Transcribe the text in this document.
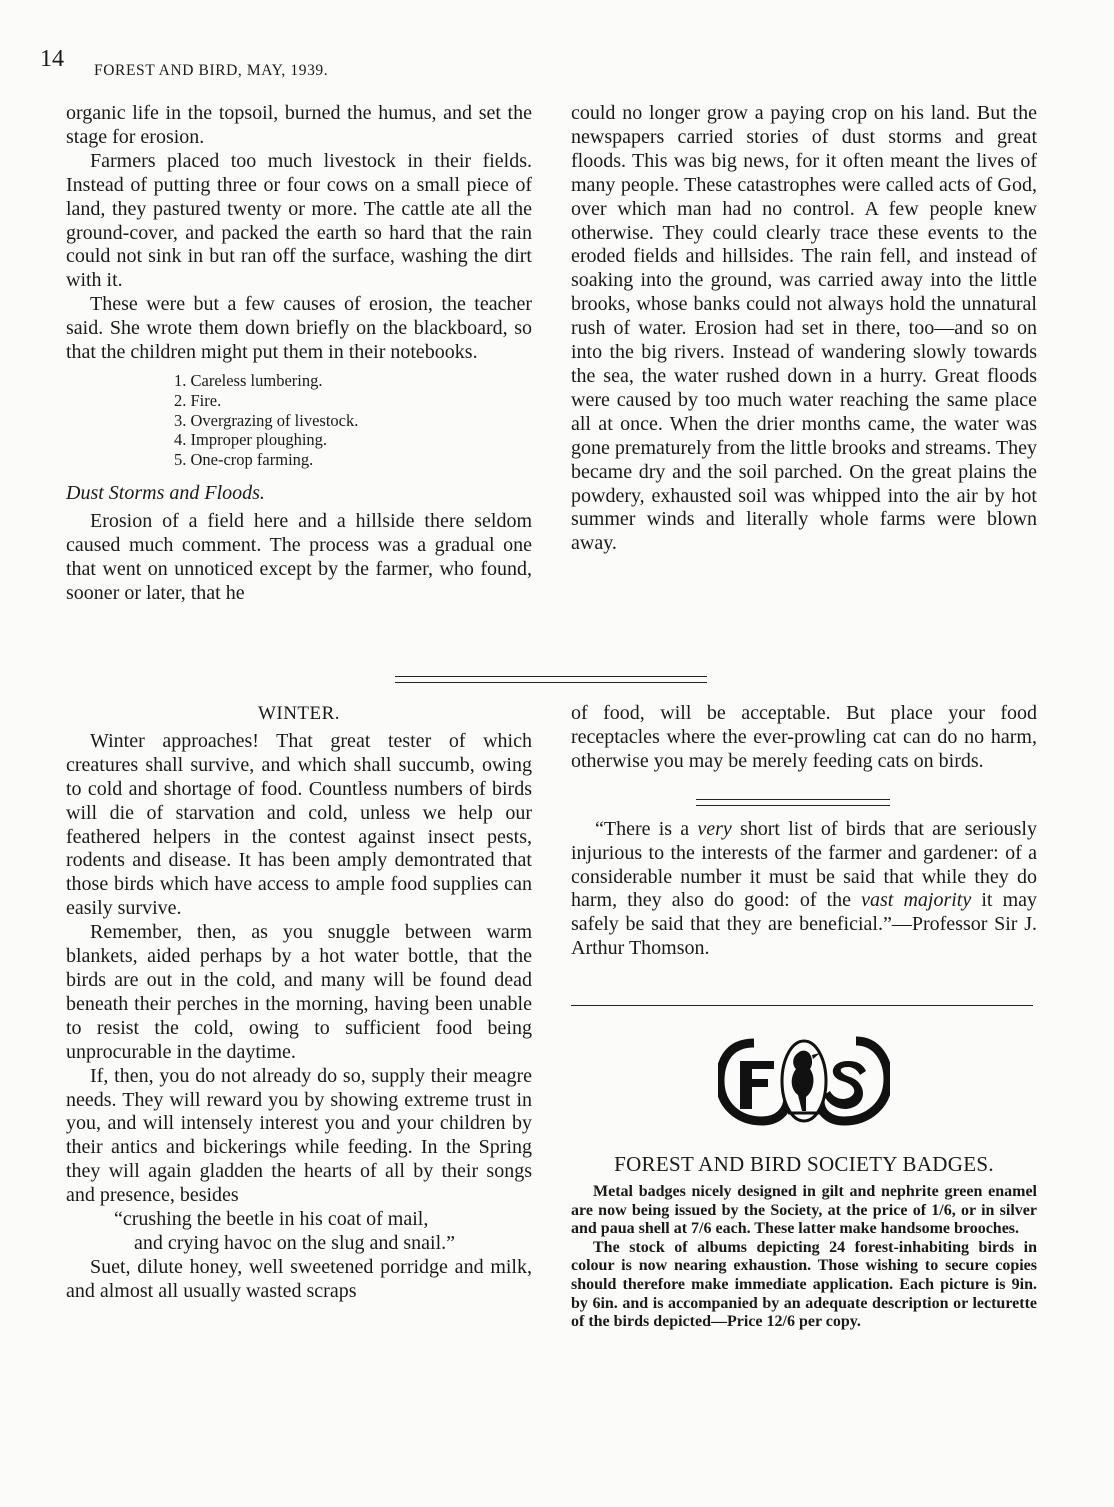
14 FOREST AND BIRD, MAY, 1939.

organic life in the topsoil, burned the humus, and set the stage for erosion.

Farmers placed too much livestock in their fields. Instead of putting three or four cows on a small piece of land, they pastured twenty or more. The cattle ate all the ground-cover, and packed the earth so hard that the rain could not sink in but ran off the surface, washing the dirt with it.

These were but a few causes of erosion, the teacher said. She wrote them down briefly on the blackboard, so that the children might put them in their notebooks.

1. Careless lumbering.
2. Fire.
3. Overgrazing of livestock.
4. Improper ploughing.
5. One-crop farming.
Dust Storms and Floods.

Erosion of a field here and a hillside there seldom caused much comment. The process was a gradual one that went on unnoticed except by the farmer, who found, sooner or later, that he

could no longer grow a paying crop on his land. But the newspapers carried stories of dust storms and great floods. This was big news, for it often meant the lives of many people. These catastrophes were called acts of God, over which man had no control. A few people knew otherwise. They could clearly trace these events to the eroded fields and hillsides. The rain fell, and instead of soaking into the ground, was carried away into the little brooks, whose banks could not always hold the unnatural rush of water. Erosion had set in there, too—and so on into the big rivers. Instead of wandering slowly towards the sea, the water rushed down in a hurry. Great floods were caused by too much water reaching the same place all at once. When the drier months came, the water was gone prematurely from the little brooks and streams. They became dry and the soil parched. On the great plains the powdery, exhausted soil was whipped into the air by hot summer winds and literally whole farms were blown away.

WINTER.

Winter approaches! That great tester of which creatures shall survive, and which shall succumb, owing to cold and shortage of food. Countless numbers of birds will die of starvation and cold, unless we help our feathered helpers in the contest against insect pests, rodents and disease. It has been amply demontrated that those birds which have access to ample food supplies can easily survive.

Remember, then, as you snuggle between warm blankets, aided perhaps by a hot water bottle, that the birds are out in the cold, and many will be found dead beneath their perches in the morning, having been unable to resist the cold, owing to sufficient food being unprocurable in the daytime.

If, then, you do not already do so, supply their meagre needs. They will reward you by showing extreme trust in you, and will intensely interest you and your children by their antics and bickerings while feeding. In the Spring they will again gladden the hearts of all by their songs and presence, besides

“crushing the beetle in his coat of mail,

and crying havoc on the slug and snail.”

Suet, dilute honey, well sweetened porridge and milk, and almost all usually wasted scraps

of food, will be acceptable. But place your food receptacles where the ever-prowling cat can do no harm, otherwise you may be merely feeding cats on birds.

“There is a very short list of birds that are seriously injurious to the interests of the farmer and gardener: of a considerable number it must be said that while they do harm, they also do good: of the vast majority it may safely be said that they are beneficial.”—Professor Sir J. Arthur Thomson.

FOREST AND BIRD SOCIETY BADGES.

Metal badges nicely designed in gilt and nephrite green enamel are now being issued by the Society, at the price of 1/6, or in silver and paua shell at 7/6 each. These latter make handsome brooches.

The stock of albums depicting 24 forest-inhabiting birds in colour is now nearing exhaustion. Those wishing to secure copies should therefore make immediate application. Each picture is 9in. by 6in. and is accompanied by an adequate description or lecturette of the birds depicted—Price 12/6 per copy.
